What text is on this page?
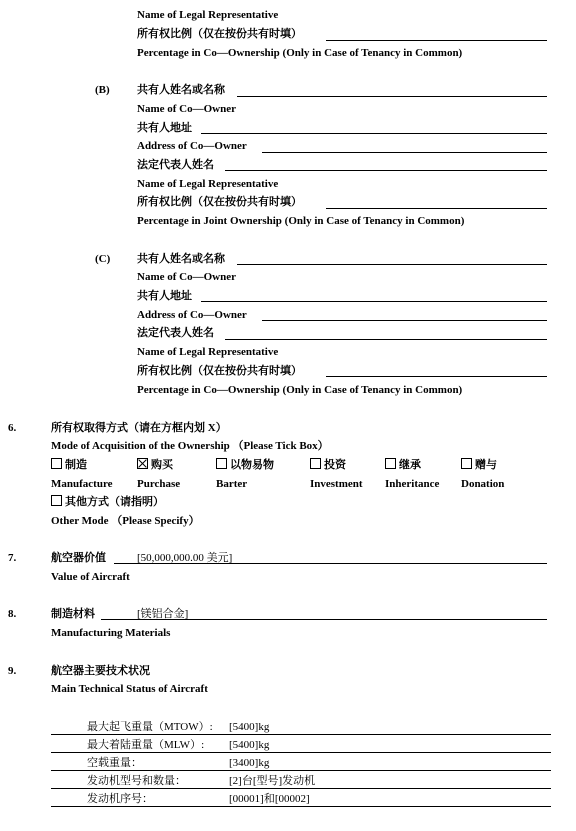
Name of Legal Representative
所有权比例（仅在按份共有时填）
Percentage in Co—Ownership (Only in Case of Tenancy in Common)
(B) 共有人姓名或名称
Name of Co—Owner
共有人地址
Address of Co—Owner
法定代表人姓名
Name of Legal Representative
所有权比例（仅在按份共有时填）
Percentage in Joint Ownership (Only in Case of Tenancy in Common)
(C) 共有人姓名或名称
Name of Co—Owner
共有人地址
Address of Co—Owner
法定代表人姓名
Name of Legal Representative
所有权比例（仅在按份共有时填）
Percentage in Co—Ownership (Only in Case of Tenancy in Common)
6.	所有权取得方式（请在方框内划 X）
Mode of Acquisition of the Ownership （Please Tick Box）
制造	购买	以物易物	投资	继承	赠与
Manufacture Purchase	Barter	Investment Inheritance Donation
其他方式（请指明）
Other Mode （Please Specify）
7.	航空器价值	[50,000,000.00 美元]
Value of Aircraft
8.	制造材料	[镁铝合金]
Manufacturing Materials
9.	航空器主要技术状况
Main Technical Status of Aircraft
最大起飞重量（MTOW）: [5400]kg
最大着陆重量（MLW）: [5400]kg
空载重量：	[3400]kg
发动机型号和数量：	[2]台[型号]发动机
发动机序号：	[00001]和[00002]
